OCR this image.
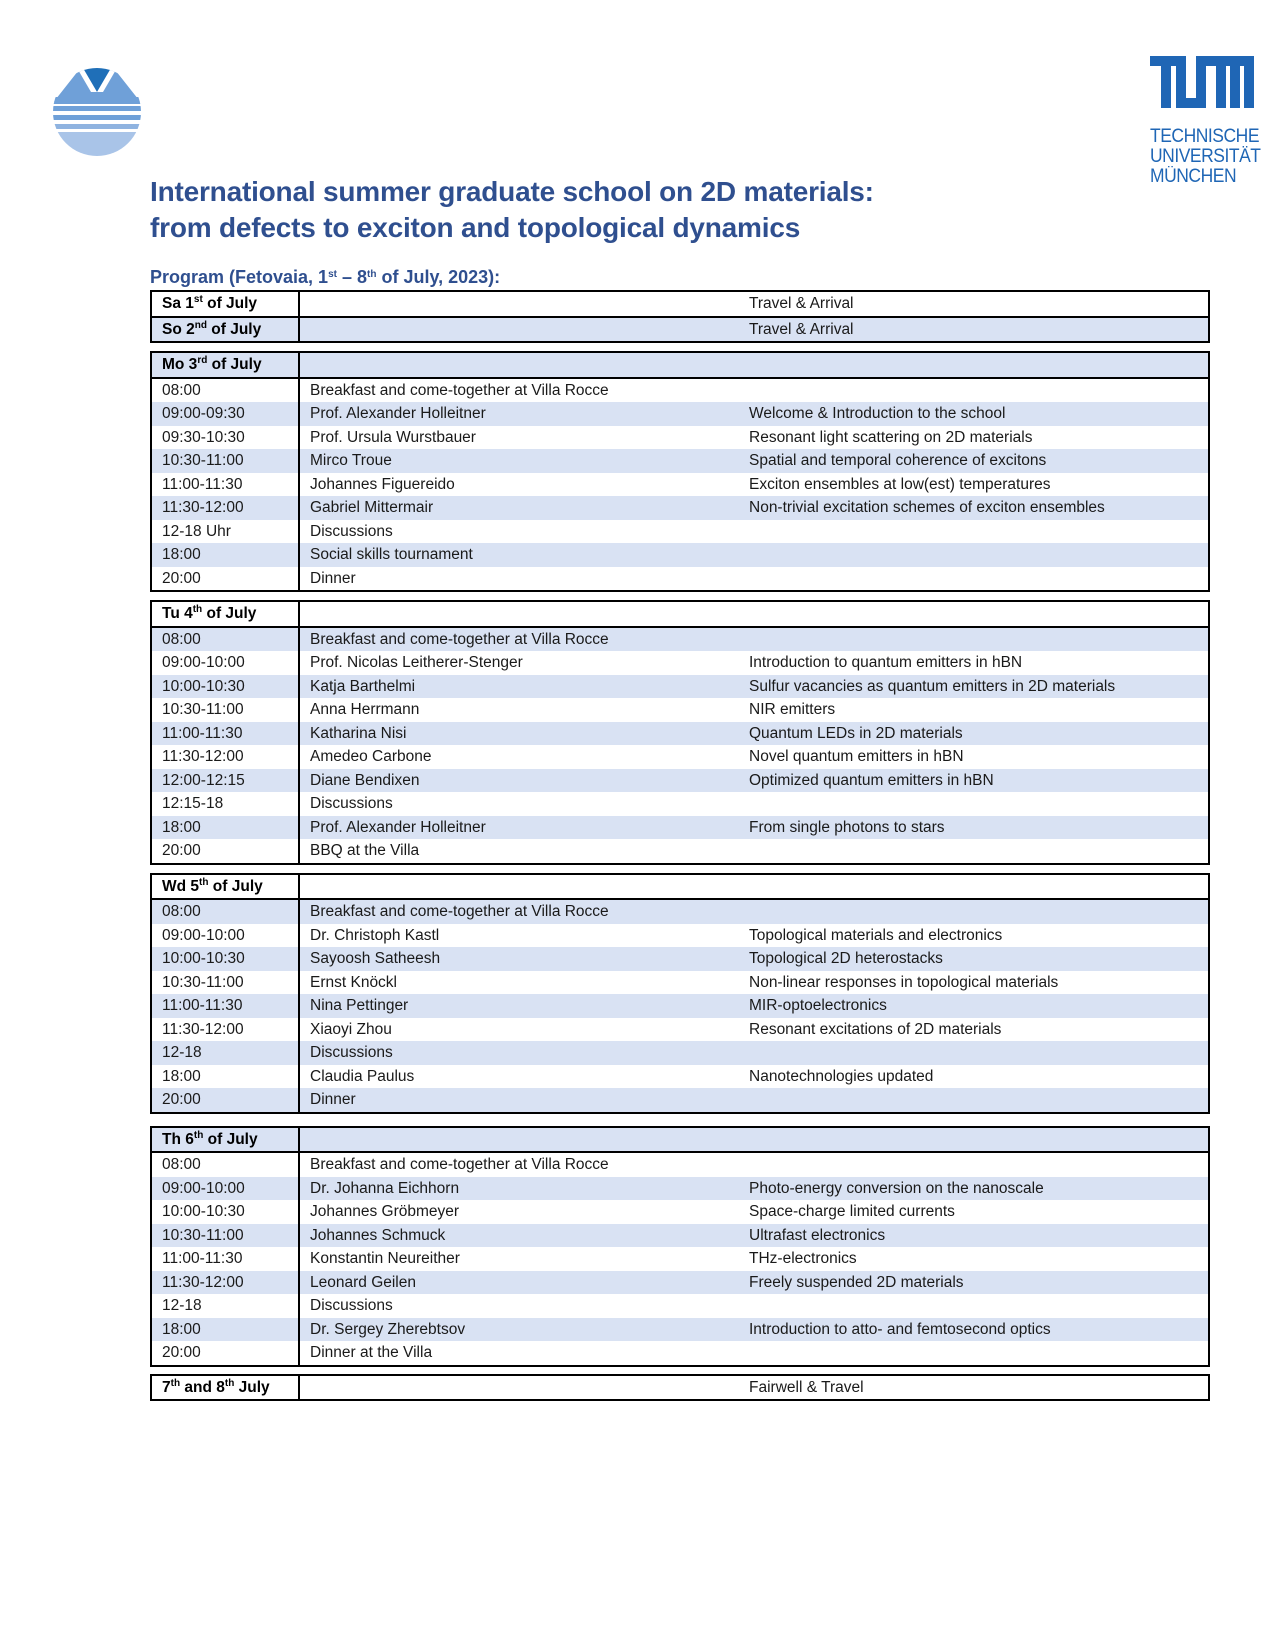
TECHNISCHE
UNIVERSITÄT
MÜNCHEN
International summer graduate school on 2D materials:
from defects to exciton and topological dynamics
Program (Fetovaia, 1st – 8th of July, 2023):
Sa 1st of July		Travel & Arrival
So 2nd of July		Travel & Arrival
Mo 3rd of July		
08:00	Breakfast and come-together at Villa Rocce	
09:00-09:30	Prof. Alexander Holleitner	Welcome & Introduction to the school
09:30-10:30	Prof. Ursula Wurstbauer	Resonant light scattering on 2D materials
10:30-11:00	Mirco Troue	Spatial and temporal coherence of excitons
11:00-11:30	Johannes Figuereido	Exciton ensembles at low(est) temperatures
11:30-12:00	Gabriel Mittermair	Non-trivial excitation schemes of exciton ensembles
12-18 Uhr	Discussions	
18:00	Social skills tournament	
20:00	Dinner	
Tu 4th of July		
08:00	Breakfast and come-together at Villa Rocce	
09:00-10:00	Prof. Nicolas Leitherer-Stenger	Introduction to quantum emitters in hBN
10:00-10:30	Katja Barthelmi	Sulfur vacancies as quantum emitters in 2D materials
10:30-11:00	Anna Herrmann	NIR emitters
11:00-11:30	Katharina Nisi	Quantum LEDs in 2D materials
11:30-12:00	Amedeo Carbone	Novel quantum emitters in hBN
12:00-12:15	Diane Bendixen	Optimized quantum emitters in hBN
12:15-18	Discussions	
18:00	Prof. Alexander Holleitner	From single photons to stars
20:00	BBQ at the Villa	
Wd 5th of July		
08:00	Breakfast and come-together at Villa Rocce	
09:00-10:00	Dr. Christoph Kastl	Topological materials and electronics
10:00-10:30	Sayoosh Satheesh	Topological 2D heterostacks
10:30-11:00	Ernst Knöckl	Non-linear responses in topological materials
11:00-11:30	Nina Pettinger	MIR-optoelectronics
11:30-12:00	Xiaoyi Zhou	Resonant excitations of 2D materials
12-18	Discussions	
18:00	Claudia Paulus	Nanotechnologies updated
20:00	Dinner	
Th 6th of July		
08:00	Breakfast and come-together at Villa Rocce	
09:00-10:00	Dr. Johanna Eichhorn	Photo-energy conversion on the nanoscale
10:00-10:30	Johannes Gröbmeyer	Space-charge limited currents
10:30-11:00	Johannes Schmuck	Ultrafast electronics
11:00-11:30	Konstantin Neureither	THz-electronics
11:30-12:00	Leonard Geilen	Freely suspended 2D materials
12-18	Discussions	
18:00	Dr. Sergey Zherebtsov	Introduction to atto- and femtosecond optics
20:00	Dinner at the Villa	
7th and 8th July		Fairwell & Travel
